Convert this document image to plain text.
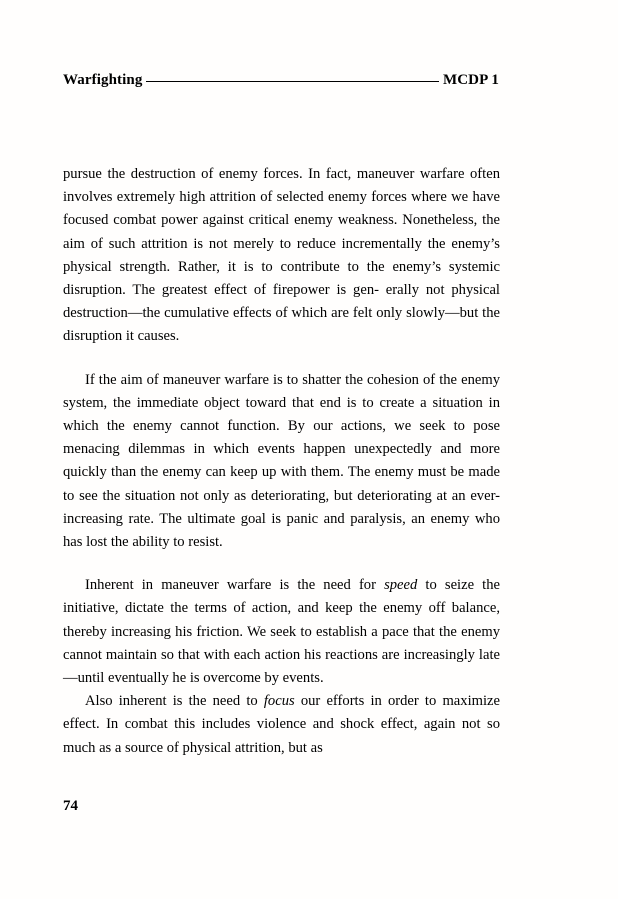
Warfighting	MCDP 1

pursue the destruction of enemy forces. In fact, maneuver warfare often involves extremely high attrition of selected enemy forces where we have focused combat power against critical enemy weakness. Nonetheless, the aim of such attrition is not merely to reduce incrementally the enemy’s physical strength. Rather, it is to contribute to the enemy’s systemic disruption. The greatest effect of firepower is gen- erally not physical destruction—the cumulative effects of which are felt only slowly—but the disruption it causes.

If the aim of maneuver warfare is to shatter the cohesion of the enemy system, the immediate object toward that end is to create a situation in which the enemy cannot function. By our actions, we seek to pose menacing dilemmas in which events happen unexpectedly and more quickly than the enemy can keep up with them. The enemy must be made to see the situation not only as deteriorating, but deteriorating at an ever-increasing rate. The ultimate goal is panic and paralysis, an enemy who has lost the ability to resist.

Inherent in maneuver warfare is the need for speed to seize the initiative, dictate the terms of action, and keep the enemy off balance, thereby increasing his friction. We seek to establish a pace that the enemy cannot maintain so that with each action his reactions are increasingly late—until eventually he is overcome by events.

Also inherent is the need to focus our efforts in order to maximize effect. In combat this includes violence and shock effect, again not so much as a source of physical attrition, but as

74
